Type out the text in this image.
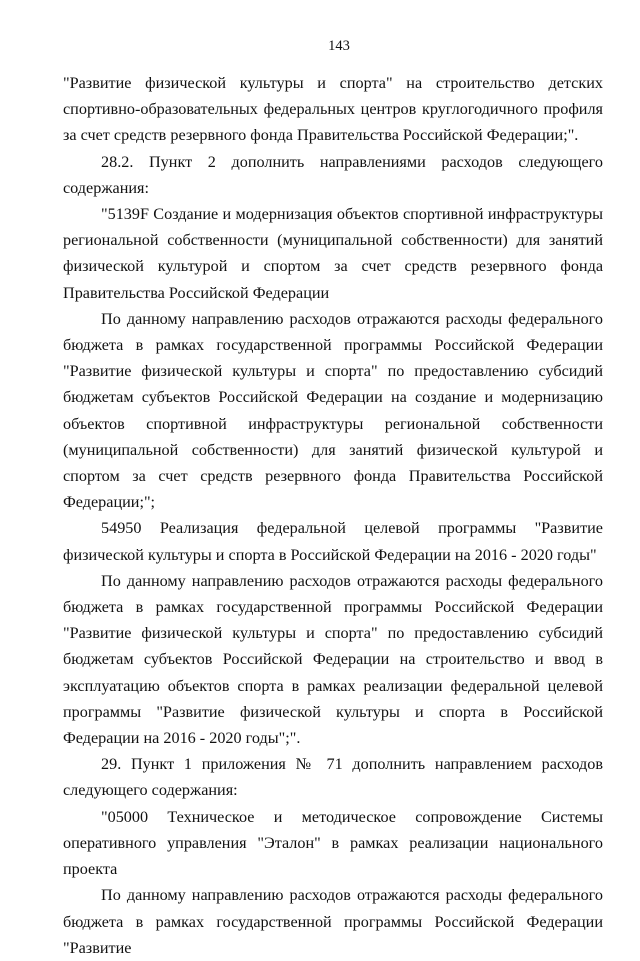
143

"Развитие физической культуры и спорта" на строительство детских спортивно-образовательных федеральных центров круглогодичного профиля за счет средств резервного фонда Правительства Российской Федерации;".

28.2. Пункт 2 дополнить направлениями расходов следующего содержания:

"5139F Создание и модернизация объектов спортивной инфраструктуры региональной собственности (муниципальной собственности) для занятий физической культурой и спортом за счет средств резервного фонда Правительства Российской Федерации

По данному направлению расходов отражаются расходы федерального бюджета в рамках государственной программы Российской Федерации "Развитие физической культуры и спорта" по предоставлению субсидий бюджетам субъектов Российской Федерации на создание и модернизацию объектов спортивной инфраструктуры региональной собственности (муниципальной собственности) для занятий физической культурой и спортом за счет средств резервного фонда Правительства Российской Федерации;";

54950 Реализация федеральной целевой программы "Развитие физической культуры и спорта в Российской Федерации на 2016 - 2020 годы"

По данному направлению расходов отражаются расходы федерального бюджета в рамках государственной программы Российской Федерации "Развитие физической культуры и спорта" по предоставлению субсидий бюджетам субъектов Российской Федерации на строительство и ввод в эксплуатацию объектов спорта в рамках реализации федеральной целевой программы "Развитие физической культуры и спорта в Российской Федерации на 2016 - 2020 годы";".

29. Пункт 1 приложения № 71 дополнить направлением расходов следующего содержания:

"05000 Техническое и методическое сопровождение Системы оперативного управления "Эталон" в рамках реализации национального проекта

По данному направлению расходов отражаются расходы федерального бюджета в рамках государственной программы Российской Федерации "Развитие
